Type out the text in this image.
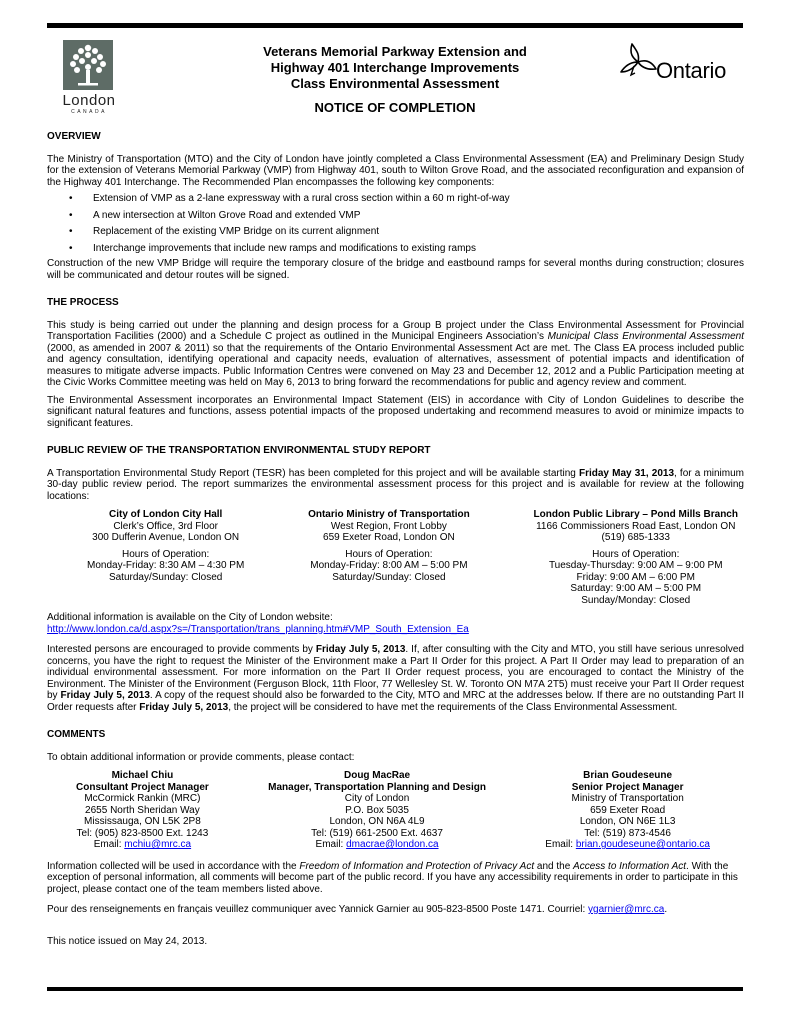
London
CANADA
Veterans Memorial Parkway Extension and
Highway 401 Interchange Improvements
Class Environmental Assessment
NOTICE OF COMPLETION
Ontario
OVERVIEW

The Ministry of Transportation (MTO) and the City of London have jointly completed a Class Environmental Assessment (EA) and Preliminary Design Study for the extension of Veterans Memorial Parkway (VMP) from Highway 401, south to Wilton Grove Road, and the associated reconfiguration and expansion of the Highway 401 Interchange. The Recommended Plan encompasses the following key components:

• Extension of VMP as a 2-lane expressway with a rural cross section within a 60 m right-of-way
• A new intersection at Wilton Grove Road and extended VMP
• Replacement of the existing VMP Bridge on its current alignment
• Interchange improvements that include new ramps and modifications to existing ramps

Construction of the new VMP Bridge will require the temporary closure of the bridge and eastbound ramps for several months during construction; closures will be communicated and detour routes will be signed.

THE PROCESS

This study is being carried out under the planning and design process for a Group B project under the Class Environmental Assessment for Provincial Transportation Facilities (2000) and a Schedule C project as outlined in the Municipal Engineers Association’s Municipal Class Environmental Assessment (2000, as amended in 2007 & 2011) so that the requirements of the Ontario Environmental Assessment Act are met. The Class EA process included public and agency consultation, identifying operational and capacity needs, evaluation of alternatives, assessment of potential impacts and identification of measures to mitigate adverse impacts. Public Information Centres were convened on May 23 and December 12, 2012 and a Public Participation meeting at the Civic Works Committee meeting was held on May 6, 2013 to bring forward the recommendations for public and agency review and comment.

The Environmental Assessment incorporates an Environmental Impact Statement (EIS) in accordance with City of London Guidelines to describe the significant natural features and functions, assess potential impacts of the proposed undertaking and recommend measures to avoid or minimize impacts to significant features.

PUBLIC REVIEW OF THE TRANSPORTATION ENVIRONMENTAL STUDY REPORT

A Transportation Environmental Study Report (TESR) has been completed for this project and will be available starting Friday May 31, 2013, for a minimum 30-day public review period. The report summarizes the environmental assessment process for this project and is available for review at the following locations:

City of London City Hall
Clerk’s Office, 3rd Floor
300 Dufferin Avenue, London ON
Hours of Operation:
Monday-Friday: 8:30 AM – 4:30 PM
Saturday/Sunday: Closed
Ontario Ministry of Transportation
West Region, Front Lobby
659 Exeter Road, London ON
Hours of Operation:
Monday-Friday: 8:00 AM – 5:00 PM
Saturday/Sunday: Closed
London Public Library – Pond Mills Branch
1166 Commissioners Road East, London ON
(519) 685-1333
Hours of Operation:
Tuesday-Thursday: 9:00 AM – 9:00 PM
Friday: 9:00 AM – 6:00 PM
Saturday: 9:00 AM – 5:00 PM
Sunday/Monday: Closed

Additional information is available on the City of London website:

http://www.london.ca/d.aspx?s=/Transportation/trans_planning.htm#VMP_South_Extension_Ea

Interested persons are encouraged to provide comments by Friday July 5, 2013. If, after consulting with the City and MTO, you still have serious unresolved concerns, you have the right to request the Minister of the Environment make a Part II Order for this project. A Part II Order may lead to preparation of an individual environmental assessment. For more information on the Part II Order request process, you are encouraged to contact the Ministry of the Environment. The Minister of the Environment (Ferguson Block, 11th Floor, 77 Wellesley St. W. Toronto ON M7A 2T5) must receive your Part II Order request by Friday July 5, 2013. A copy of the request should also be forwarded to the City, MTO and MRC at the addresses below. If there are no outstanding Part II Order requests after Friday July 5, 2013, the project will be considered to have met the requirements of the Class Environmental Assessment.

COMMENTS

To obtain additional information or provide comments, please contact:

Michael Chiu
Consultant Project Manager
McCormick Rankin (MRC)
2655 North Sheridan Way
Mississauga, ON L5K 2P8
Tel: (905) 823-8500 Ext. 1243
Email: mchiu@mrc.ca
Doug MacRae
Manager, Transportation Planning and Design
City of London
P.O. Box 5035
London, ON N6A 4L9
Tel: (519) 661-2500 Ext. 4637
Email: dmacrae@london.ca
Brian Goudeseune
Senior Project Manager
Ministry of Transportation
659 Exeter Road
London, ON N6E 1L3
Tel: (519) 873-4546
Email: brian.goudeseune@ontario.ca

Information collected will be used in accordance with the Freedom of Information and Protection of Privacy Act and the Access to Information Act. With the exception of personal information, all comments will become part of the public record. If you have any accessibility requirements in order to participate in this project, please contact one of the team members listed above.

Pour des renseignements en français veuillez communiquer avec Yannick Garnier au 905-823-8500 Poste 1471. Courriel: ygarnier@mrc.ca.

This notice issued on May 24, 2013.
